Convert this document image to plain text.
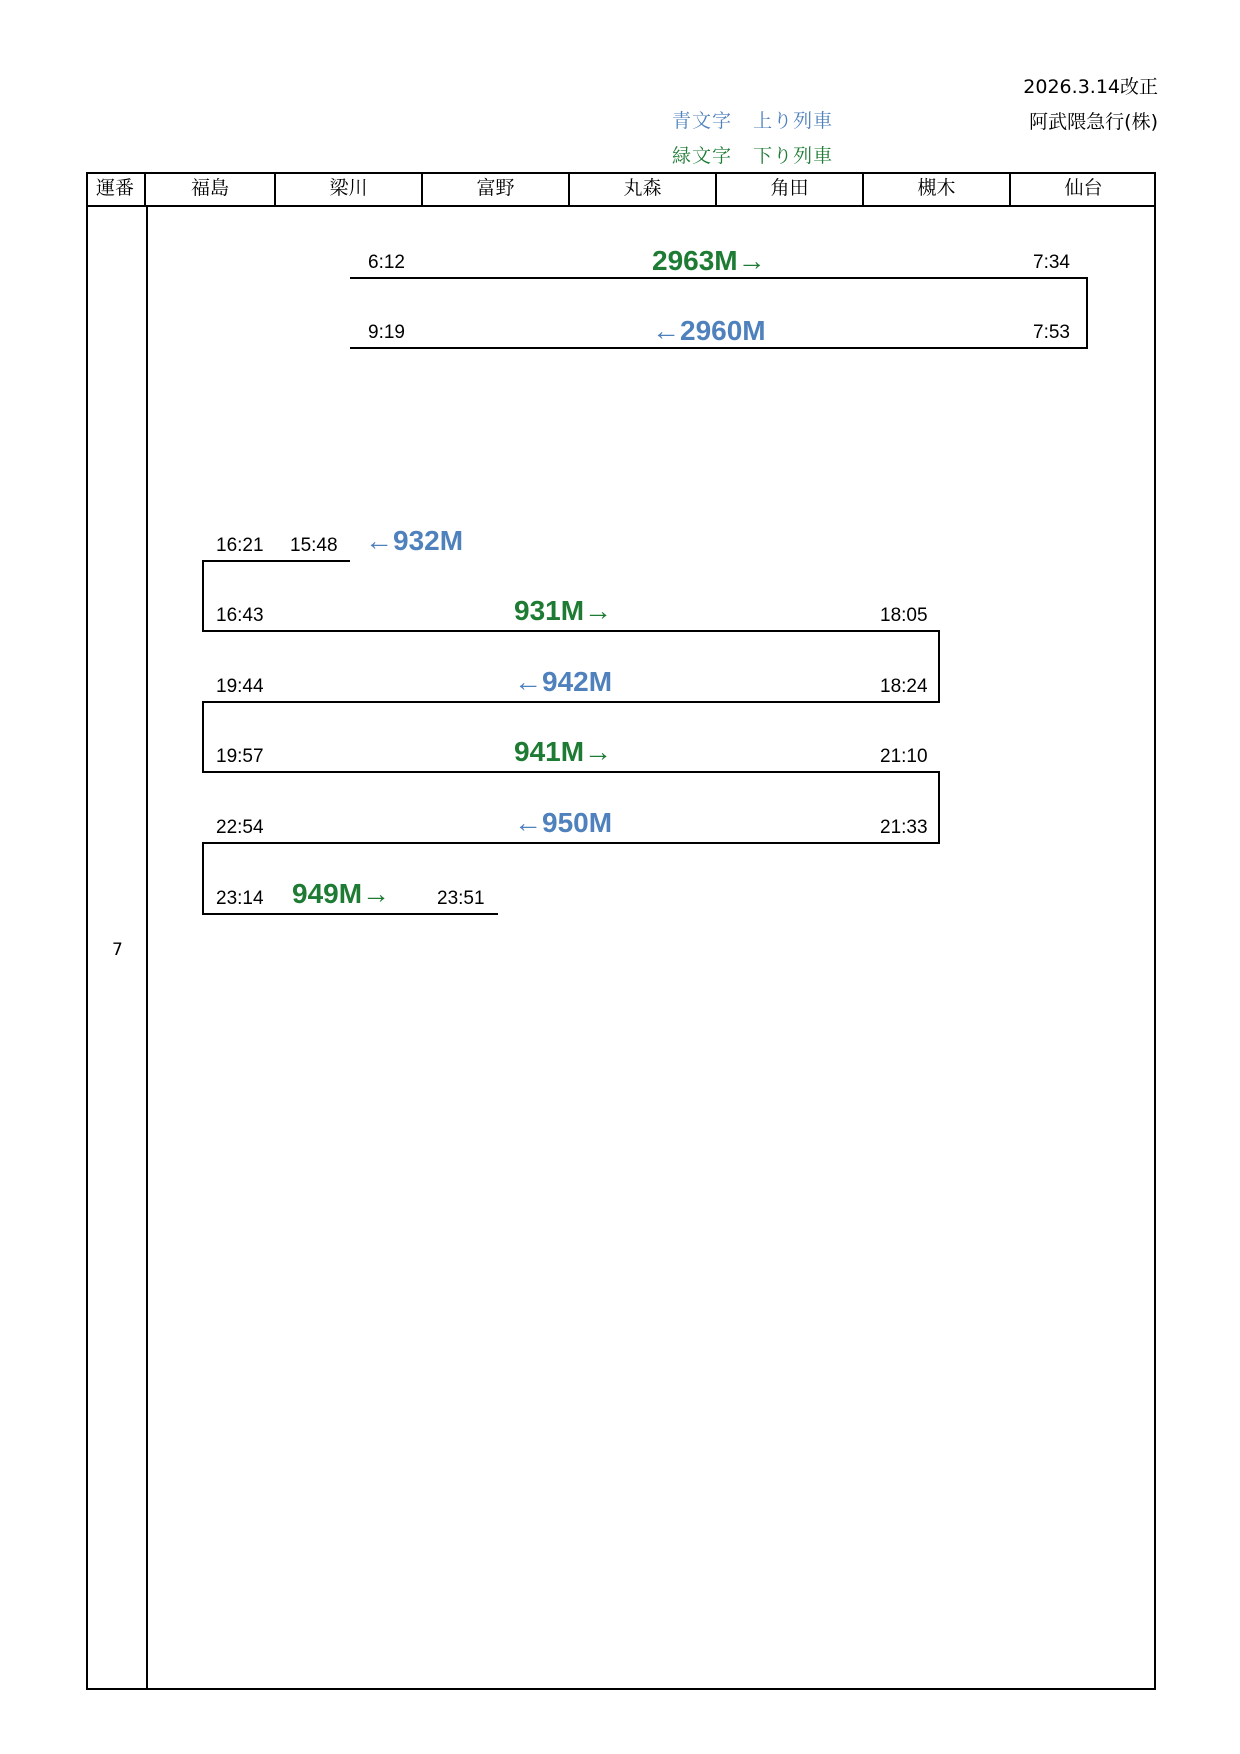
2026.3.14改正
阿武隈急行(株)
青文字 上り列車
緑文字 下り列車
運番	福島	梁川	富野	丸森	角田	槻木	仙台
7
6:12	2963M→	7:34
9:19	←2960M	7:53
16:21 15:48 ←932M
16:43	931M→	18:05
19:44	←942M	18:24
19:57	941M→	21:10
22:54	←950M	21:33
23:14 949M→ 23:51
